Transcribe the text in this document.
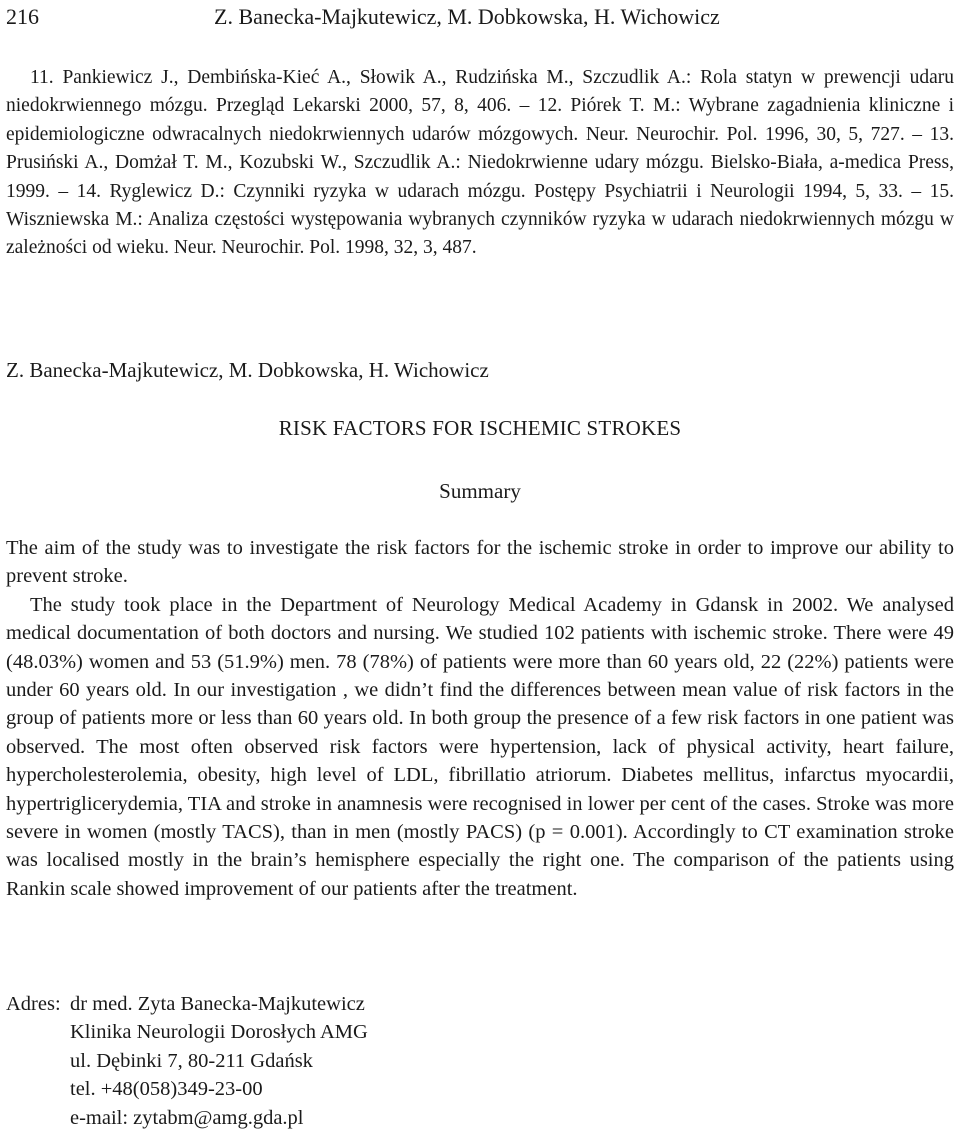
216	Z. Banecka-Majkutewicz, M. Dobkowska, H. Wichowicz
11. Pankiewicz J., Dembińska-Kieć A., Słowik A., Rudzińska M., Szczudlik A.: Rola statyn w prewencji udaru niedokrwiennego mózgu. Przegląd Lekarski 2000, 57, 8, 406. – 12. Piórek T. M.: Wybrane zagadnienia kliniczne i epidemiologiczne odwracalnych niedokrwiennych udarów mózgowych. Neur. Neurochir. Pol. 1996, 30, 5, 727. – 13. Prusiński A., Domżał T. M., Kozubski W., Szczudlik A.: Niedokrwienne udary mózgu. Bielsko-Biała, a-medica Press, 1999. – 14. Ryglewicz D.: Czynniki ryzyka w udarach mózgu. Postępy Psychiatrii i Neurologii 1994, 5, 33. – 15. Wiszniewska M.: Analiza częstości występowania wybranych czynników ryzyka w udarach niedokrwiennych mózgu w zależności od wieku. Neur. Neurochir. Pol. 1998, 32, 3, 487.
Z. Banecka-Majkutewicz, M. Dobkowska, H. Wichowicz
RISK FACTORS FOR ISCHEMIC STROKES
Summary

The aim of the study was to investigate the risk factors for the ischemic stroke in order to improve our ability to prevent stroke.

The study took place in the Department of Neurology Medical Academy in Gdansk in 2002. We analysed medical documentation of both doctors and nursing. We studied 102 patients with ischemic stroke. There were 49 (48.03%) women and 53 (51.9%) men. 78 (78%) of patients were more than 60 years old, 22 (22%) patients were under 60 years old. In our investigation , we didn’t find the differences between mean value of risk factors in the group of patients more or less than 60 years old. In both group the presence of a few risk factors in one patient was observed. The most often observed risk factors were hypertension, lack of physical activity, heart failure, hypercholesterolemia, obesity, high level of LDL, fibrillatio atriorum. Diabetes mellitus, infarctus myocardii, hypertriglicerydemia, TIA and stroke in anamnesis were recognised in lower per cent of the cases. Stroke was more severe in women (mostly TACS), than in men (mostly PACS) (p = 0.001). Accordingly to CT examination stroke was localised mostly in the brain’s hemisphere especially the right one. The comparison of the patients using Rankin scale showed improvement of our patients after the treatment.

Adres: dr med. Zyta Banecka-Majkutewicz
Klinika Neurologii Dorosłych AMG
ul. Dębinki 7, 80-211 Gdańsk
tel. +48(058)349-23-00
e-mail: zytabm@amg.gda.pl
